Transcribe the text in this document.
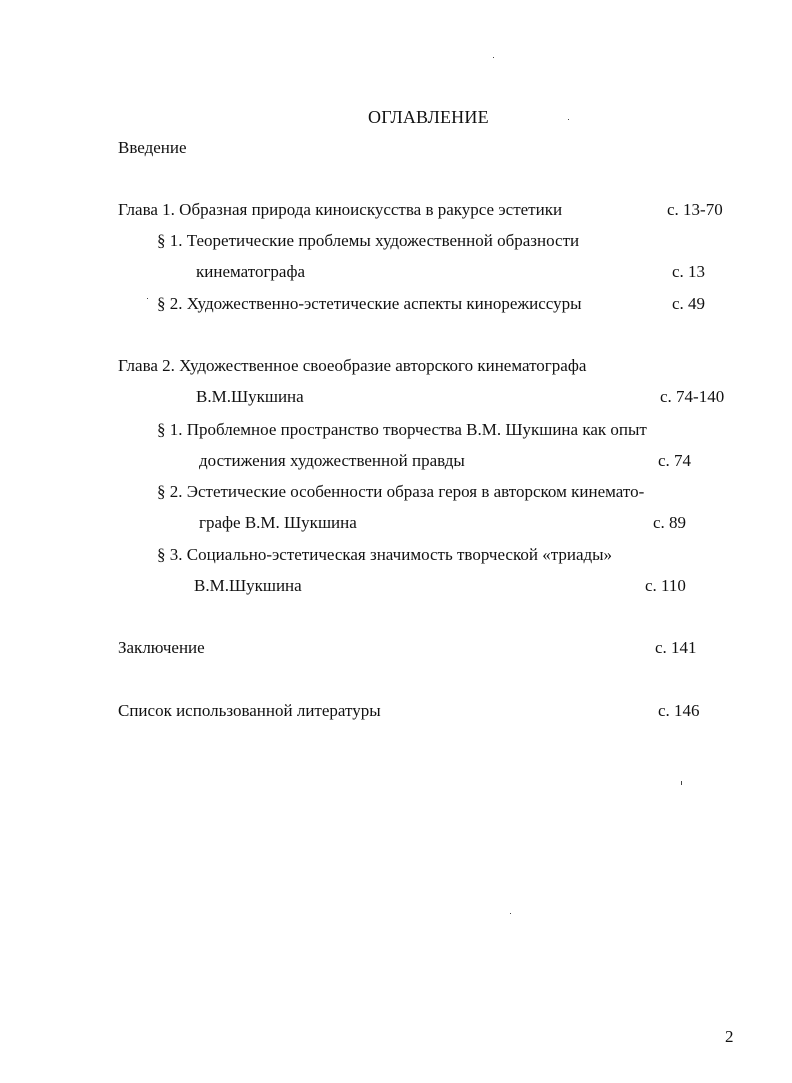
ОГЛАВЛЕНИЕ
Введение
Глава 1. Образная природа киноискусства в ракурсе эстетики	с. 13-70
§ 1. Теоретические проблемы художественной образности
кинематографа	с. 13
§ 2. Художественно-эстетические аспекты кинорежиссуры	с. 49
Глава 2. Художественное своеобразие авторского кинематографа
В.М.Шукшина	с. 74-140
§ 1. Проблемное пространство творчества В.М. Шукшина как опыт
достижения художественной правды	с. 74
§ 2. Эстетические особенности образа героя в авторском кинемато-
графе В.М. Шукшина	с. 89
§ 3. Социально-эстетическая значимость творческой «триады»
В.М.Шукшина	с. 110
Заключение	с. 141
Список использованной литературы	с. 146
2
